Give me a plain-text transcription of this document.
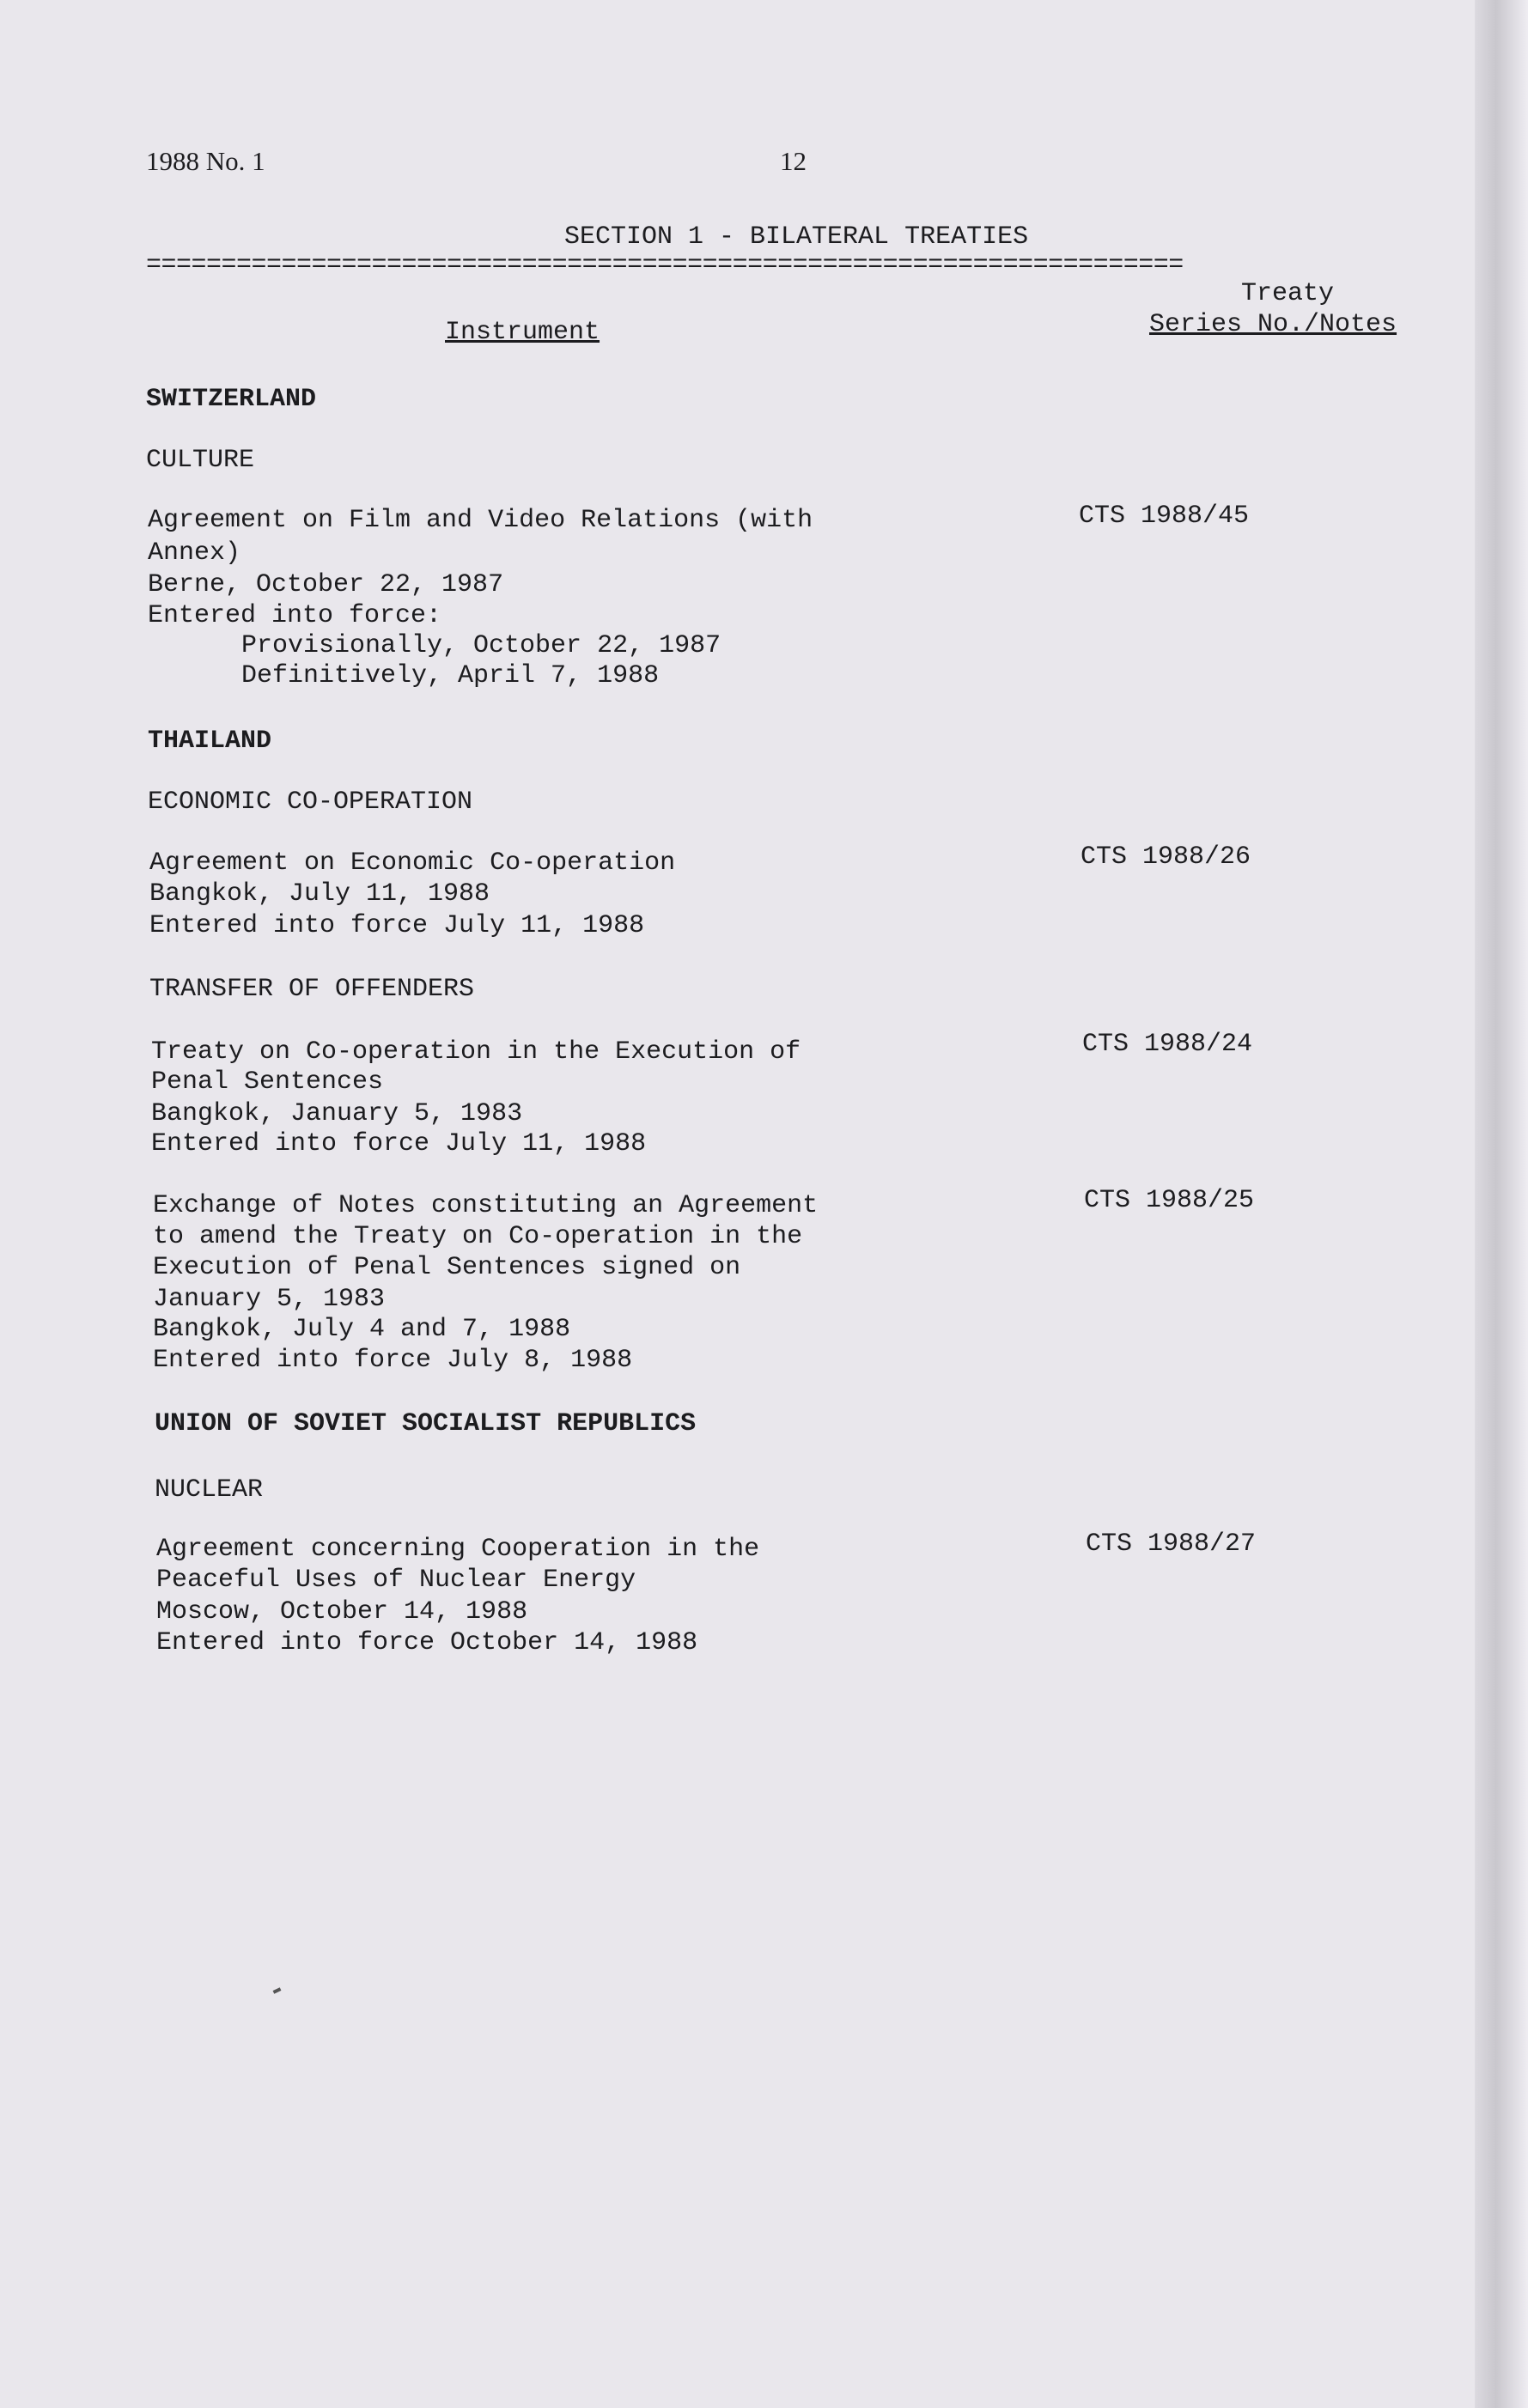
1988 No. 1	12
SECTION 1 - BILATERAL TREATIES
=====================================================================
Instrument
Treaty
Series No./Notes
SWITZERLAND
CULTURE
Agreement on Film and Video Relations (with
Annex)
Berne, October 22, 1987
Entered into force:
Provisionally, October 22, 1987
Definitively, April 7, 1988
CTS 1988/45
THAILAND
ECONOMIC CO-OPERATION
Agreement on Economic Co-operation
Bangkok, July 11, 1988
Entered into force July 11, 1988
CTS 1988/26
TRANSFER OF OFFENDERS
Treaty on Co-operation in the Execution of
Penal Sentences
Bangkok, January 5, 1983
Entered into force July 11, 1988
CTS 1988/24
Exchange of Notes constituting an Agreement
to amend the Treaty on Co-operation in the
Execution of Penal Sentences signed on
January 5, 1983
Bangkok, July 4 and 7, 1988
Entered into force July 8, 1988
CTS 1988/25
UNION OF SOVIET SOCIALIST REPUBLICS
NUCLEAR
Agreement concerning Cooperation in the
Peaceful Uses of Nuclear Energy
Moscow, October 14, 1988
Entered into force October 14, 1988
CTS 1988/27
